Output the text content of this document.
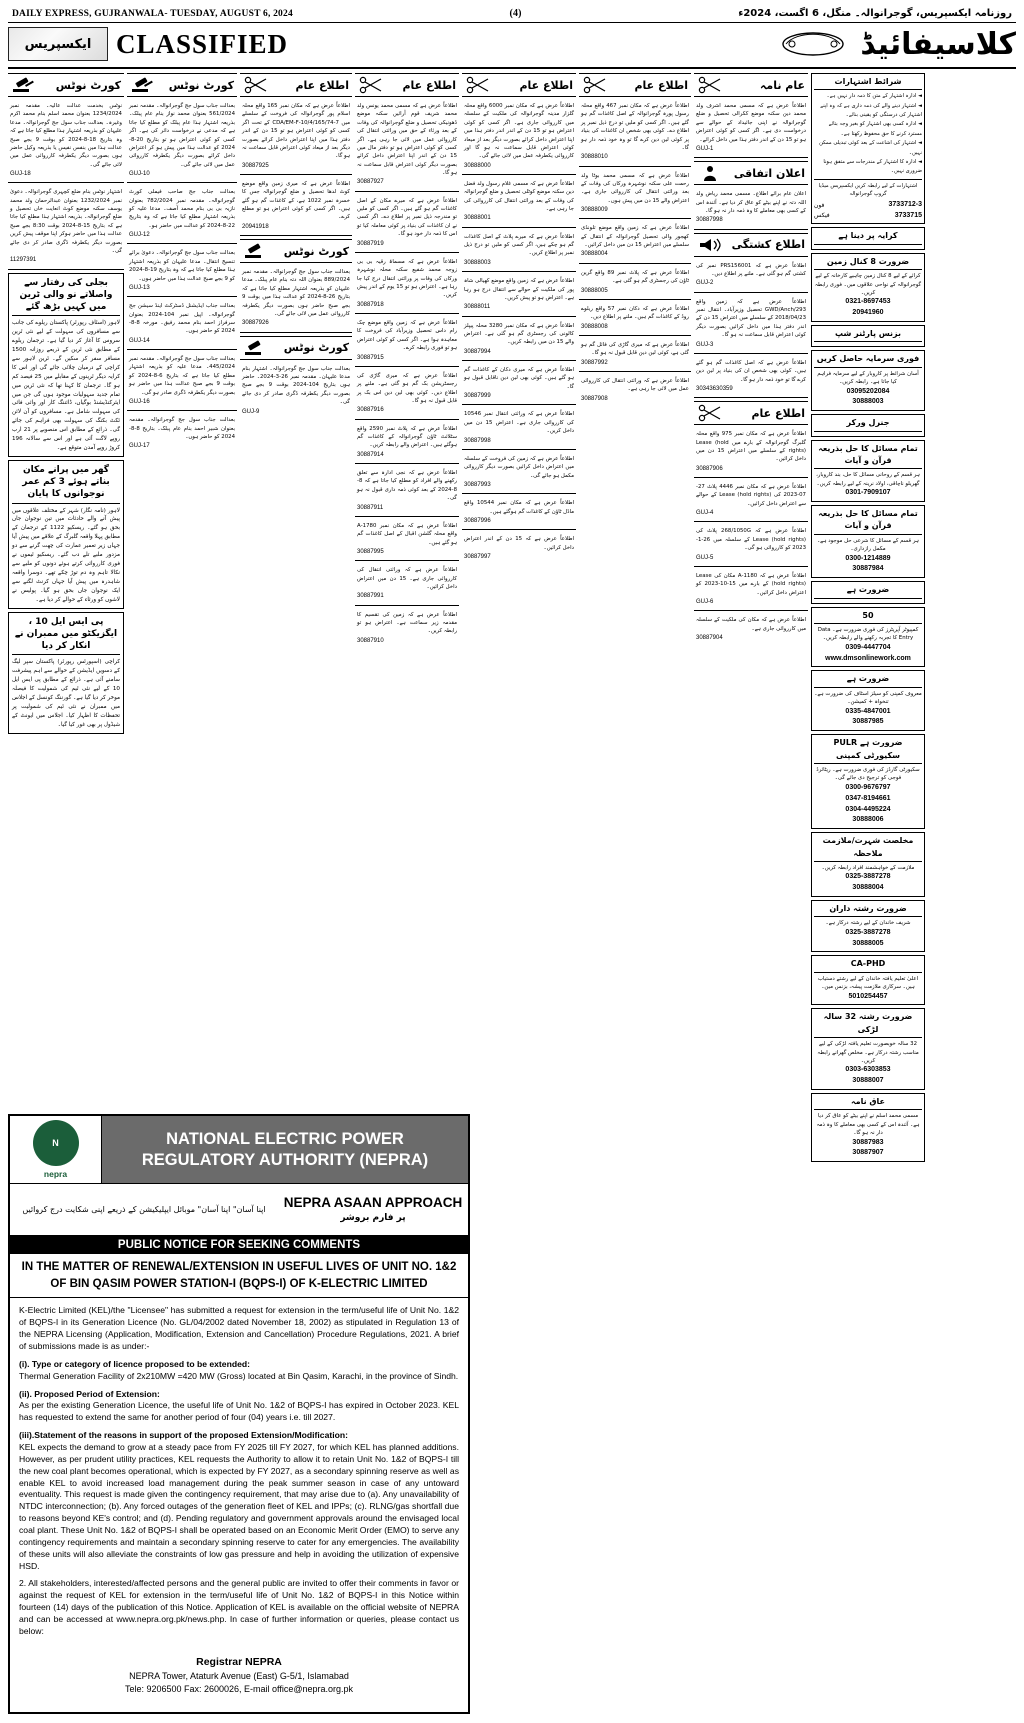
DAILY EXPRESS, GUJRANWALA- TUESDAY, AUGUST 6, 2024	(4)	روزنامہ ایکسپریس، گوجرانوالہ۔ منگل، 6 اگست، 2024ء
ایکسپریس CLASSIFIED	کلاسیفائیڈ
کورٹ نوٹس
نوٹس بخدمت عدالت عالیہ۔ مقدمہ نمبر 1234/2024 بعنوان محمد اسلم بنام محمد اکرم وغیرہ۔ بعدالت جناب سول جج گوجرانوالہ۔ مدعا علیہان کو بذریعہ اشتہار ہذا مطلع کیا جاتا ہے کہ وہ بتاریخ 18-8-2024 کو بوقت 9 بجے صبح عدالت ہذا میں بنفس نفیس یا بذریعہ وکیل حاضر ہوں بصورت دیگر یکطرفہ کارروائی عمل میں لائی جائے گی۔
GUJ-18
اشتہار نوٹس بنام ضلع کچہری گوجرانوالہ۔ دعویٰ نمبر 1232/2024 بعنوان عبدالرحمان ولد محمد یوسف سکنہ موضع کوٹ انعایت خاں تحصیل و ضلع گوجرانوالہ۔ بذریعہ اشتہار ہذا مطلع کیا جاتا ہے کہ بتاریخ 15-8-2024 بوقت 8:30 بجے صبح عدالت ہذا میں حاضر ہوکر اپنا موقف پیش کریں بصورت دیگر یکطرفہ ڈگری صادر کر دی جائے گی۔
11297391
بجلی کی رفتار سے واصلاتے نو والی ٹرین میں کہیں بڑھ گئے
لاہور (اسٹاف رپورٹر) پاکستان ریلوے کی جانب سے مسافروں کی سہولت کے لیے نئی ٹرین سروس کا آغاز کر دیا گیا ہے۔ ترجمان ریلوے کے مطابق نئی ٹرین کے ذریعے روزانہ 1500 مسافر سفر کر سکیں گے۔ ٹرین لاہور سے کراچی کے درمیان چلائی جائے گی اور اس کا کرایہ دیگر ٹرینوں کے مقابلے میں 25 فیصد کم ہو گا۔ ترجمان کا کہنا تھا کہ نئی ٹرین میں تمام جدید سہولیات موجود ہوں گی جن میں ایئرکنڈیشنڈ بوگیاں، ڈائننگ کار اور وائی فائی کی سہولت شامل ہے۔ مسافروں کو آن لائن ٹکٹ بکنگ کی سہولت بھی فراہم کی جائے گی۔ ذرائع کے مطابق اس منصوبے پر 21 ارب روپے لاگت آئی ہے اور اس سے سالانہ 196 کروڑ روپے آمدن متوقع ہے۔
گھر میں پرانے مکان بناتے ہوئے 3 کم عمر نوجوانوں کا پایان
لاہور (نامہ نگار) شہر کے مختلف علاقوں میں پیش آنے والے حادثات میں تین نوجوان جاں بحق ہو گئے۔ ریسکیو 1122 کے ترجمان کے مطابق پہلا واقعہ گلبرگ کے علاقے میں پیش آیا جہاں زیر تعمیر عمارت کی چھت گرنے سے دو مزدور ملبے تلے دب گئے۔ ریسکیو ٹیموں نے فوری کارروائی کرتے ہوئے دونوں کو ملبے سے نکالا تاہم وہ دم توڑ چکے تھے۔ دوسرا واقعہ شاہدرہ میں پیش آیا جہاں کرنٹ لگنے سے ایک نوجوان جاں بحق ہو گیا۔ پولیس نے لاشوں کو ورثاء کے حوالے کر دیا ہے۔
پی ایس ایل 10 ، ایگزیکٹو میں ممبران نے انکار کر دیا
کراچی (اسپورٹس رپورٹر) پاکستان سپر لیگ کے دسویں ایڈیشن کے حوالے سے اہم پیشرفت سامنے آئی ہے۔ ذرائع کے مطابق پی ایس ایل 10 کے لیے نئی ٹیم کی شمولیت کا فیصلہ موخر کر دیا گیا ہے۔ گورننگ کونسل کے اجلاس میں ممبران نے نئی ٹیم کی شمولیت پر تحفظات کا اظہار کیا۔ اجلاس میں ایونٹ کے شیڈول پر بھی غور کیا گیا۔
کورٹ نوٹس
بعدالت جناب سول جج گوجرانوالہ۔ مقدمہ نمبر 561/2024 بعنوان محمد نواز بنام عام پبلک۔ بذریعہ اشتہار ہذا عام پبلک کو مطلع کیا جاتا ہے کہ مدعی نے درخواست دائر کی ہے۔ اگر کسی کو کوئی اعتراض ہو تو بتاریخ 20-8-2024 کو عدالت ہذا میں پیش ہو کر اعتراض داخل کرائے بصورت دیگر یکطرفہ کارروائی عمل میں لائی جائے گی۔
GUJ-10
بعدالت جناب جج صاحب فیملی کورٹ گوجرانوالہ۔ مقدمہ نمبر 782/2024 بعنوان نازیہ بی بی بنام محمد آصف۔ مدعا علیہ کو بذریعہ اشتہار مطلع کیا جاتا ہے کہ وہ بتاریخ 22-8-2024 کو عدالت میں حاضر ہو۔
GUJ-12
بعدالت جناب سول جج گوجرانوالہ۔ دعویٰ برائے تنسیخ انتقال۔ مدعا علیہان کو بذریعہ اشتہار ہذا مطلع کیا جاتا ہے کہ وہ بتاریخ 19-8-2024 کو 9 بجے صبح عدالت ہذا میں حاضر ہوں۔
GUJ-13
بعدالت جناب ایڈیشنل ڈسٹرکٹ اینڈ سیشن جج گوجرانوالہ۔ اپیل نمبر 104-2024 بعنوان سرفراز احمد بنام محمد رفیق۔ مورخہ 8-8-2024 کو حاضر ہوں۔
GUJ-14
بعدالت جناب سول جج گوجرانوالہ۔ مقدمہ نمبر 445/2024۔ مدعا علیہ کو بذریعہ اشتہار مطلع کیا جاتا ہے کہ بتاریخ 6-8-2024 کو بوقت 9 بجے صبح عدالت ہذا میں حاضر ہو بصورت دیگر یکطرفہ ڈگری صادر ہو گی۔
GUJ-16
بعدالت جناب سول جج گوجرانوالہ۔ مقدمہ بعنوان شبیر احمد بنام عام پبلک۔ بتاریخ 8-8-2024 کو حاضر ہوں۔
GUJ-17
اطلاع عام
اطلاعاً عرض ہے کہ مکان نمبر 165 واقع محلہ اسلام پور گوجرانوالہ کی فروخت کے سلسلے میں CDA/EM-F-10/4/165/74-7 کے تحت اگر کسی کو کوئی اعتراض ہو تو 15 دن کے اندر دفتر ہذا میں اپنا اعتراض داخل کرائے بصورت دیگر بعد از میعاد کوئی اعتراض قابل سماعت نہ ہو گا۔
30887925
اطلاعاً عرض ہے کہ میری زمین واقع موضع کوٹ لدھا تحصیل و ضلع گوجرانوالہ جس کا خسرہ نمبر 1022 ہے، کے کاغذات گم ہو گئے ہیں۔ اگر کسی کو کوئی اعتراض ہو تو مطلع کرے۔
20941918
کورٹ نوٹس
بعدالت جناب سول جج گوجرانوالہ۔ مقدمہ نمبر 889/2024 بعنوان اللہ دتہ بنام عام پبلک۔ مدعا علیہان کو بذریعہ اشتہار مطلع کیا جاتا ہے کہ بتاریخ 26-8-2024 کو عدالت ہذا میں بوقت 9 بجے صبح حاضر ہوں بصورت دیگر یکطرفہ کارروائی عمل میں لائی جائے گی۔
30887926
کورٹ نوٹس
بعدالت جناب سول جج گوجرانوالہ۔ اشتہار بنام مدعا علیہان۔ مقدمہ نمبر 26-3-2024۔ حاضر ہوں بتاریخ 104-2024 بوقت 9 بجے صبح بصورت دیگر یکطرفہ ڈگری صادر کر دی جائے گی۔
GUJ-9
اطلاع عام
اطلاعاً عرض ہے کہ مسمی محمد یونس ولد محمد شریف قوم آرائیں سکنہ موضع ڈھونیکی تحصیل و ضلع گوجرانوالہ کی وفات کے بعد ورثاء کے حق میں وراثتی انتقال کی کارروائی عمل میں لائی جا رہی ہے۔ اگر کسی کو کوئی اعتراض ہو تو دفتر مال میں 15 دن کے اندر اپنا اعتراض داخل کرائے بصورت دیگر کوئی اعتراض قابل سماعت نہ ہو گا۔
30887927
اطلاعاً عرض ہے کہ میرے مکان کے اصل کاغذات گم ہو گئے ہیں۔ اگر کسی کو ملیں تو مندرجہ ذیل نمبر پر اطلاع دے۔ اگر کسی نے ان کاغذات کی بنیاد پر کوئی معاملہ کیا تو اس کا ذمہ دار خود ہو گا۔
30887919
اطلاعاً عرض ہے کہ مسماۃ رقیہ بی بی زوجہ محمد شفیع سکنہ محلہ نوشہرہ ورکاں کی وفات پر وراثتی انتقال درج کیا جا رہا ہے۔ اعتراض ہو تو 15 یوم کے اندر پیش کریں۔
30887918
اطلاعاً عرض ہے کہ زمین واقع موضع چک رام داس تحصیل وزیرآباد کی فروخت کا معاہدہ ہوا ہے۔ اگر کسی کو کوئی اعتراض ہو تو فوری رابطہ کرے۔
30887915
اطلاعاً عرض ہے کہ میری گاڑی کی رجسٹریشن بک گم ہو گئی ہے۔ ملنے پر اطلاع دیں۔ کوئی بھی لین دین اس بک پر قابل قبول نہ ہو گا۔
30887916
اطلاعاً عرض ہے کہ پلاٹ نمبر 2590 واقع سٹلائٹ ٹاؤن گوجرانوالہ کے کاغذات گم ہوگئے ہیں۔ اعتراض والے رابطہ کریں۔
30887914
اطلاعاً عرض ہے کہ نجی ادارہ سے تعلق رکھنے والے افراد کو مطلع کیا جاتا ہے کہ 8-8-2024 کے بعد کوئی ذمہ داری قبول نہ ہو گی۔
30887911
اطلاعاً عرض ہے کہ مکان نمبر 1780-A واقع محلہ گلشن اقبال کے اصل کاغذات گم ہو گئے ہیں۔
30887995
اطلاعاً عرض ہے کہ وراثتی انتقال کی کارروائی جاری ہے۔ 15 دن میں اعتراض داخل کرائیں۔
30887991
اطلاعاً عرض ہے کہ زمین کی تقسیم کا مقدمہ زیر سماعت ہے۔ اعتراض ہو تو رابطہ کریں۔
30887910
اطلاع عام
اطلاعاً عرض ہے کہ مکان نمبر 6000 واقع محلہ گلزار مدینہ گوجرانوالہ کی ملکیت کے سلسلہ میں کارروائی جاری ہے۔ اگر کسی کو کوئی اعتراض ہو تو 15 دن کے اندر اندر دفتر ہذا میں اپنا اعتراض داخل کرائے بصورت دیگر بعد از میعاد کوئی اعتراض قابل سماعت نہ ہو گا اور کارروائی یکطرفہ عمل میں لائی جائے گی۔
30888000
اطلاعاً عرض ہے کہ مسمی غلام رسول ولد فضل دین سکنہ موضع کوٹلی تحصیل و ضلع گوجرانوالہ کی وفات کے بعد وراثتی انتقال کی کارروائی کی جا رہی ہے۔
30888001
اطلاعاً عرض ہے کہ میرے پلاٹ کے اصل کاغذات گم ہو چکے ہیں، اگر کسی کو ملیں تو درج ذیل نمبر پر اطلاع کریں۔
30888003
اطلاعاً عرض ہے کہ زمین واقع موضع کھیالی شاہ پور کی ملکیت کے حوالے سے انتقال درج ہو رہا ہے۔ اعتراض ہو تو پیش کریں۔
30888011
اطلاعاً عرض ہے کہ مکان نمبر 3280 محلہ پیپلز کالونی کی رجسٹری گم ہو گئی ہے۔ اعتراض والے 15 دن میں رابطہ کریں۔
30887994
اطلاعاً عرض ہے کہ میری دکان کے کاغذات گم ہو گئے ہیں۔ کوئی بھی لین دین ناقابل قبول ہو گا۔
30887999
اطلاعاً عرض ہے کہ وراثتی انتقال نمبر 10546 کی کارروائی جاری ہے۔ اعتراض 15 دن میں داخل کریں۔
30887998
اطلاعاً عرض ہے کہ زمین کی فروخت کے سلسلہ میں اعتراض داخل کرائیں بصورت دیگر کارروائی مکمل ہو جائے گی۔
30887993
اطلاعاً عرض ہے کہ مکان نمبر 10544 واقع ماڈل ٹاؤن کے کاغذات گم ہوگئے ہیں۔
30887996
اطلاعاً عرض ہے کہ 15 دن کے اندر اعتراض داخل کرائیں۔
30887997
اطلاع عام
اطلاعاً عرض ہے کہ مکان نمبر 467 واقع محلہ رسول پورہ گوجرانوالہ کے اصل کاغذات گم ہو گئے ہیں۔ اگر کسی کو ملیں تو درج ذیل نمبر پر اطلاع دے۔ کوئی بھی شخص ان کاغذات کی بنیاد پر کوئی لین دین کرے گا تو وہ خود ذمہ دار ہو گا۔
30888010
اطلاعاً عرض ہے کہ مسمی محمد بوٹا ولد رحمت علی سکنہ نوشہرہ ورکاں کی وفات کے بعد وراثتی انتقال کی کارروائی جاری ہے۔ اعتراض والے 15 دن میں پیش ہوں۔
30888009
اطلاعاً عرض ہے کہ زمین واقع موضع تلونڈی کھجور والی تحصیل گوجرانوالہ کے انتقال کے سلسلے میں اعتراض 15 دن میں داخل کرائیں۔
30888004
اطلاعاً عرض ہے کہ پلاٹ نمبر 89 واقع گرین ٹاؤن کی رجسٹری گم ہو گئی ہے۔
30888005
اطلاعاً عرض ہے کہ دکان نمبر 57 واقع ریلوے روڈ کے کاغذات گم ہیں۔ ملنے پر اطلاع دیں۔
30888008
اطلاعاً عرض ہے کہ میری گاڑی کی فائل گم ہو گئی ہے، کوئی لین دین قابل قبول نہ ہو گا۔
30887992
اطلاعاً عرض ہے کہ وراثتی انتقال کی کارروائی عمل میں لائی جا رہی ہے۔
30887908
عام نامہ
اطلاعاً عرض ہے کہ مسمی محمد اشرف ولد محمد دین سکنہ موضع ککرالی تحصیل و ضلع گوجرانوالہ نے اپنی جائیداد کے حوالے سے درخواست دی ہے۔ اگر کسی کو کوئی اعتراض ہو تو 15 دن کے اندر دفتر ہذا میں داخل کرائے۔
GUJ-1
اعلان اتفاقی
اعلان عام برائے اطلاع۔ مسمی محمد ریاض ولد اللہ دتہ نے اپنے بیٹے کو عاق کر دیا ہے۔ آئندہ اس کے کسی بھی معاملے کا وہ ذمہ دار نہ ہو گا۔
30887998
اطلاع کشتگی
اطلاعاً عرض ہے کہ PRS156001 نمبر کی کشتی گم ہو گئی ہے۔ ملنے پر اطلاع دیں۔
GUJ-2
اطلاعاً عرض ہے کہ زمین واقع 293/GWD/Anch تحصیل وزیرآباد۔ انتقال نمبر 2018/04/23 کے سلسلے میں اعتراض 15 دن کے اندر دفتر ہذا میں داخل کرائیں بصورت دیگر کوئی اعتراض قابل سماعت نہ ہو گا۔
GUJ-3
اطلاعاً عرض ہے کہ اصل کاغذات گم ہو گئے ہیں۔ کوئی بھی شخص ان کی بنیاد پر لین دین کرے گا تو خود ذمہ دار ہو گا۔
30343630359
اطلاع عام
اطلاعاً عرض ہے کہ مکان نمبر 975 واقع محلہ گلبرگ گوجرانوالہ کے بارے میں Lease (hold rights) کے سلسلے میں اعتراض 15 دن میں داخل کرائیں۔
30887906
اطلاعاً عرض ہے کہ مکان نمبر 4446 پلاٹ 27-07-2023 کی Lease (hold rights) کے حوالے سے اعتراض داخل کرائیں۔
GUJ-4
اطلاعاً عرض ہے کہ 268/1050G پلاٹ کی Lease (hold rights) کے سلسلہ میں 26-1-2023 کو کارروائی ہو گی۔
GUJ-5
اطلاعاً عرض ہے کہ 1180-A مکان کی Lease (hold rights) کے بارے میں 15-10-2023 کو اعتراض داخل کرائیں۔
GUJ-6
اطلاعاً عرض ہے کہ مکان کی ملکیت کے سلسلہ میں کارروائی جاری ہے۔
30887904
شرائط اشتہارات
◄ ادارہ اشتہار کے متن کا ذمہ دار نہیں ہے۔
◄ اشتہار دینے والے کی ذمہ داری ہے کہ وہ اپنے اشتہار کی درستگی کو یقینی بنائے۔
◄ ادارہ کسی بھی اشتہار کو بغیر وجہ بتائے مسترد کرنے کا حق محفوظ رکھتا ہے۔
◄ اشتہار کی اشاعت کے بعد کوئی تبدیلی ممکن نہیں۔
◄ ادارہ کا اشتہار کے مندرجات سے متفق ہونا ضروری نہیں۔
اشتہارات کے لیے رابطہ کریں ایکسپریس میڈیا گروپ گوجرانوالہ
3733712-3
فون
3733715
فیکس
کرایہ پر دینا ہے
ضرورت 8 کنال زمین
کرائے کے لیے 8 کنال زمین چاہیے کارخانہ کے لیے گوجرانوالہ کے نواحی علاقوں میں۔ فوری رابطہ کریں۔
0321-8697453
20941960
بزنس پارٹنر شپ
فوری سرمایہ حاصل کریں
آسان شرائط پر کاروبار کے لیے سرمایہ فراہم کیا جاتا ہے۔ رابطہ کریں۔
03095202084
30888003
جنرل ورکر
تمام مسائل کا حل بذریعہ قرآن و آیات
ہر قسم کے روحانی مسائل کا حل، بند کاروبار، گھریلو ناچاقی، اولاد نرینہ کے لیے رابطہ کریں۔
0301-7909107
تمام مسائل کا حل بذریعہ قرآن و آیات
ہر قسم کے مسائل کا شرعی حل موجود ہے۔ مکمل رازداری۔
0300-1214889
30887984
ضرورت ہے
50
کمپیوٹر آپریٹرز کی فوری ضرورت ہے۔ Data Entry کا تجربہ رکھنے والے رابطہ کریں۔
0309-4447704
www.dmsonlinework.com
ضرورت ہے
معروف کمپنی کو سیلز اسٹاف کی ضرورت ہے۔ تنخواہ + کمیشن۔
0335-4847001
30887985
ضرورت ہے PULR سکیورٹی کمپنی
سکیورٹی گارڈز کی فوری ضرورت ہے۔ ریٹائرڈ فوجی کو ترجیح دی جائے گی۔
0300-9676797
0347-8194661
0304-4495224
30888006
مخلصت شہرت/ملازمت ملاحظہ
ملازمت کے خواہشمند افراد رابطہ کریں۔
0325-3887278
30888004
ضرورت رشتہ داران
شریف خاندان کے لیے رشتہ درکار ہے۔
0325-3887278
30888005
CA-PHD
اعلیٰ تعلیم یافتہ خاندان کے لیے رشتے دستیاب ہیں۔ سرکاری ملازمت پیشہ، بزنس مین۔
5010254457
ضرورت رشتہ 32 سالہ لڑکی
32 سالہ خوبصورت تعلیم یافتہ لڑکی کے لیے مناسب رشتہ درکار ہے۔ مخلص گھرانے رابطہ کریں۔
0303-6303853
30888007
عاق نامہ
مسمی محمد اسلم نے اپنے بیٹے کو عاق کر دیا ہے۔ آئندہ اس کے کسی بھی معاملے کا وہ ذمہ دار نہ ہو گا۔
30887983
30887907
N
nepra
NATIONAL ELECTRIC POWER REGULATORY AUTHORITY (NEPRA)
اپنا آسان" اپنا آسان" موبائل ایپلیکیشن کے ذریعے اپنی شکایت درج کروائیں	NEPRA ASAAN APPROACH
پر فارم بروشر
PUBLIC NOTICE FOR SEEKING COMMENTS
IN THE MATTER OF RENEWAL/EXTENSION IN USEFUL LIVES OF UNIT NO. 1&2 OF BIN QASIM POWER STATION-I (BQPS-I) OF K-ELECTRIC LIMITED

K-Electric Limited (KEL)/the "Licensee" has submitted a request for extension in the term/useful life of Unit No. 1&2 of BQPS-I in its Generation Licence (No. GL/04/2002 dated November 18, 2002) as stipulated in Regulation 13 of the NEPRA Licensing (Application, Modification, Extension and Cancellation) Procedure Regulations, 2021. A brief of submissions made is as under:-

(i). Type or category of licence proposed to be extended:
Thermal Generation Facility of 2x210MW =420 MW (Gross) located at Bin Qasim, Karachi, in the province of Sindh.

(ii). Proposed Period of Extension:
As per the existing Generation Licence, the useful life of Unit No. 1&2 of BQPS-I has expired in October 2023. KEL has requested to extend the same for another period of four (04) years i.e. till 2027.

(iii).Statement of the reasons in support of the proposed Extension/Modification:
KEL expects the demand to grow at a steady pace from FY 2025 till FY 2027, for which KEL has planned additions. However, as per prudent utility practices, KEL requests the Authority to allow it to retain Unit No. 1&2 of BQPS-I till the new coal plant becomes operational, which is expected by FY 2027, as a secondary spinning reserve as well as enable KEL to avoid increased load management during the peak summer season in case of any untoward eventuality. This request is made given the contingency requirement, that may arise due to (a). Any unavailability of NTDC interconnection; (b). Any forced outages of the generation fleet of KEL and IPPs; (c). RLNG/gas shortfall due to reasons beyond KE's control; and (d). Pending regulatory and government approvals around the envisaged local coal plant. These Unit No. 1&2 of BQPS-I shall be operated based on an Economic Merit Order (EMO) to serve any contingency requirements and maintain a secondary spinning reserve to cater for any emergencies. The availability of these units will also alleviate the constraints of low gas pressure and help in avoiding the utilization of expensive HSD.

2. All stakeholders, interested/affected persons and the general public are invited to offer their comments in favor or against the request of KEL for extension in the term/useful life of Unit No. 1&2 of BQPS-I in this Notice within fourteen (14) days of the publication of this Notice. Application of KEL is available on the official website of NEPRA and can be accessed at www.nepra.org.pk/news.php. In case of further information or queries, please contact us below:

Registrar NEPRA
NEPRA Tower, Ataturk Avenue (East) G-5/1, Islamabad
Tele: 9206500 Fax: 2600026, E-mail office@nepra.org.pk
